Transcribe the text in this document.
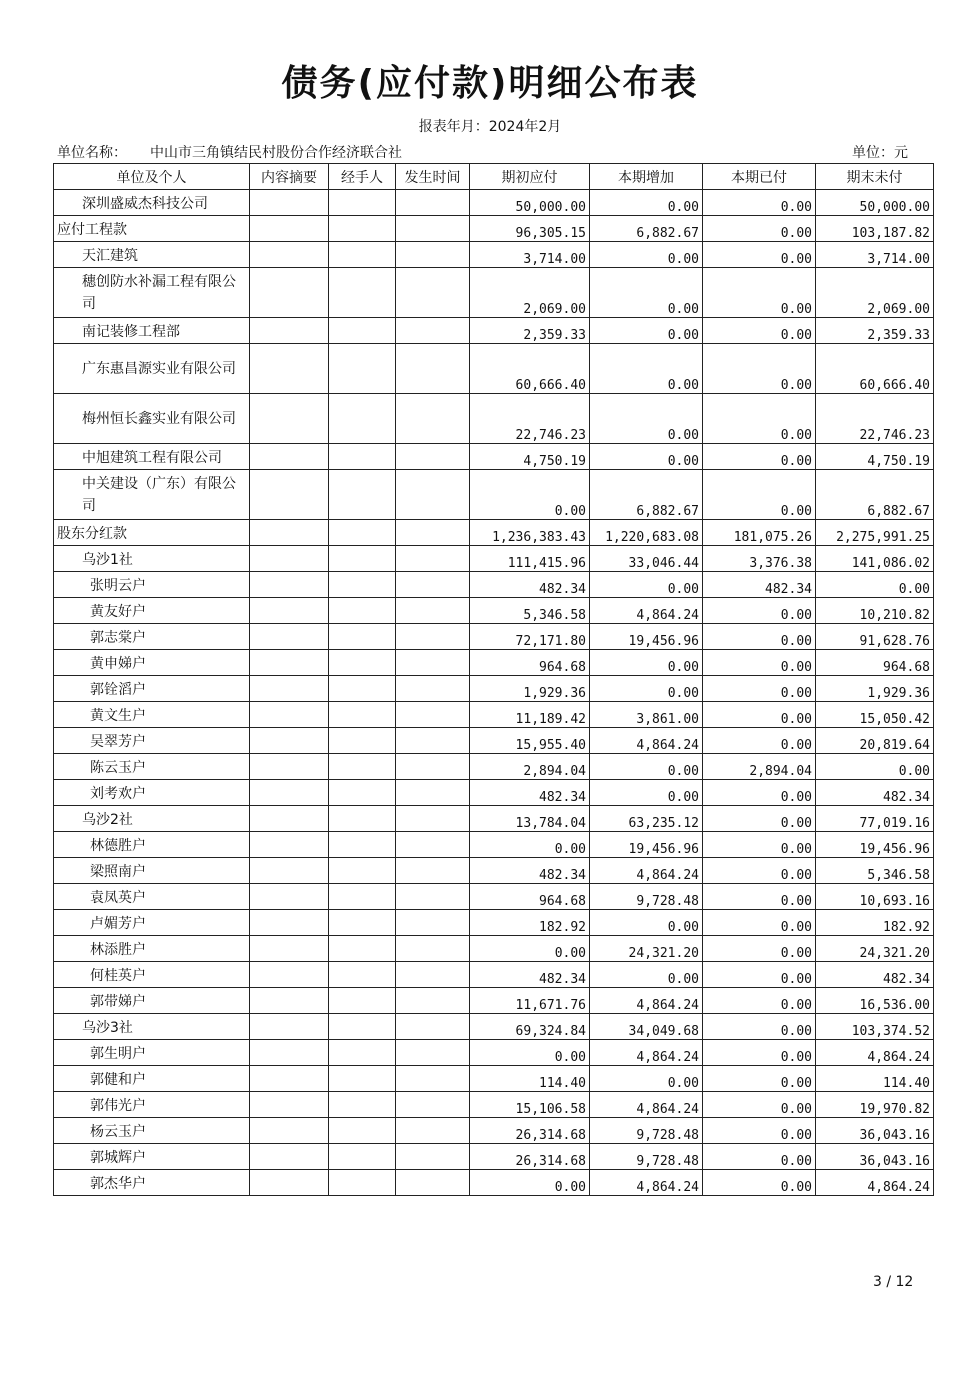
债务(应付款)明细公布表
报表年月：2024年2月
单位名称： 中山市三角镇结民村股份合作经济联合社	单位：元
单位及个人	内容摘要	经手人	发生时间	期初应付	本期增加	本期已付	期末未付
深圳盛威杰科技公司				50,000.00	0.00	0.00	50,000.00
应付工程款				96,305.15	6,882.67	0.00	103,187.82
天汇建筑				3,714.00	0.00	0.00	3,714.00
穗创防水补漏工程有限公司				2,069.00	0.00	0.00	2,069.00
南记装修工程部				2,359.33	0.00	0.00	2,359.33
广东惠昌源实业有限公司				60,666.40	0.00	0.00	60,666.40
梅州恒长鑫实业有限公司				22,746.23	0.00	0.00	22,746.23
中旭建筑工程有限公司				4,750.19	0.00	0.00	4,750.19
中关建设（广东）有限公司				0.00	6,882.67	0.00	6,882.67
股东分红款				1,236,383.43	1,220,683.08	181,075.26	2,275,991.25
乌沙1社				111,415.96	33,046.44	3,376.38	141,086.02
张明云户				482.34	0.00	482.34	0.00
黄友好户				5,346.58	4,864.24	0.00	10,210.82
郭志棠户				72,171.80	19,456.96	0.00	91,628.76
黄申娣户				964.68	0.00	0.00	964.68
郭铨滔户				1,929.36	0.00	0.00	1,929.36
黄文生户				11,189.42	3,861.00	0.00	15,050.42
吴翠芳户				15,955.40	4,864.24	0.00	20,819.64
陈云玉户				2,894.04	0.00	2,894.04	0.00
刘考欢户				482.34	0.00	0.00	482.34
乌沙2社				13,784.04	63,235.12	0.00	77,019.16
林德胜户				0.00	19,456.96	0.00	19,456.96
梁照南户				482.34	4,864.24	0.00	5,346.58
袁凤英户				964.68	9,728.48	0.00	10,693.16
卢媚芳户				182.92	0.00	0.00	182.92
林添胜户				0.00	24,321.20	0.00	24,321.20
何桂英户				482.34	0.00	0.00	482.34
郭带娣户				11,671.76	4,864.24	0.00	16,536.00
乌沙3社				69,324.84	34,049.68	0.00	103,374.52
郭生明户				0.00	4,864.24	0.00	4,864.24
郭健和户				114.40	0.00	0.00	114.40
郭伟光户				15,106.58	4,864.24	0.00	19,970.82
杨云玉户				26,314.68	9,728.48	0.00	36,043.16
郭城辉户				26,314.68	9,728.48	0.00	36,043.16
郭杰华户				0.00	4,864.24	0.00	4,864.24
3 / 12
